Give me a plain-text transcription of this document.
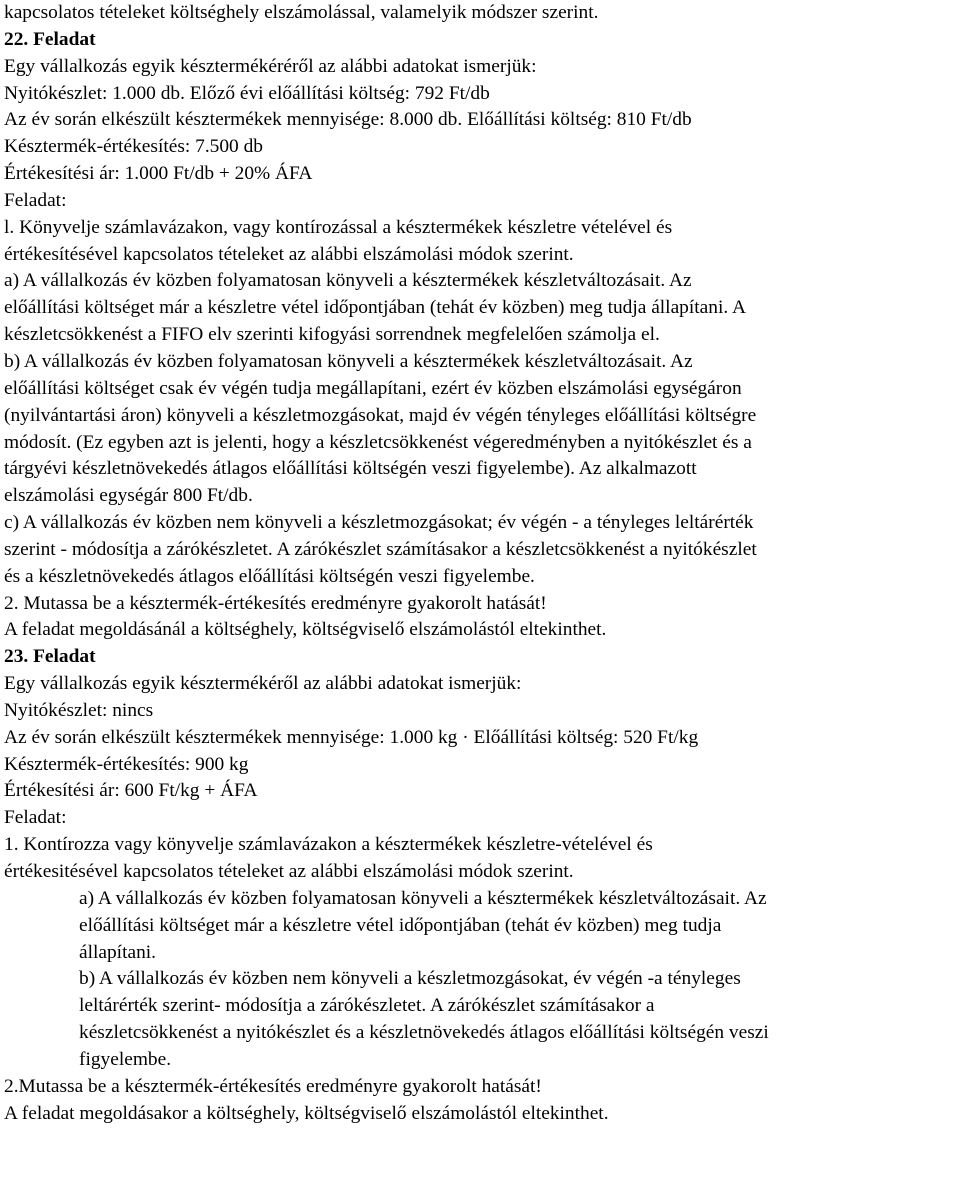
kapcsolatos tételeket költséghely elszámolással, valamelyik módszer szerint.
22. Feladat
Egy vállalkozás egyik késztermékéréről az alábbi adatokat ismerjük:
Nyitókészlet: 1.000 db. Előző évi előállítási költség: 792 Ft/db
Az év során elkészült késztermékek mennyisége: 8.000 db. Előállítási költség: 810 Ft/db
Késztermék-értékesítés: 7.500 db
Értékesítési ár: 1.000 Ft/db + 20% ÁFA
Feladat:
l. Könyvelje számlavázakon, vagy kontírozással a késztermékek készletre vételével és
értékesítésével kapcsolatos tételeket az alábbi elszámolási módok szerint.
a) A vállalkozás év közben folyamatosan könyveli a késztermékek készletváltozásait. Az
előállítási költséget már a készletre vétel időpontjában (tehát év közben) meg tudja állapítani. A
készletcsökkenést a FIFO elv szerinti kifogyási sorrendnek megfelelően számolja el.
b) A vállalkozás év közben folyamatosan könyveli a késztermékek készletváltozásait. Az
előállítási költséget csak év végén tudja megállapítani, ezért év közben elszámolási egységáron
(nyilvántartási áron) könyveli a készletmozgásokat, majd év végén tényleges előállítási költségre
módosít. (Ez egyben azt is jelenti, hogy a készletcsökkenést végeredményben a nyitókészlet és a
tárgyévi készletnövekedés átlagos előállítási költségén veszi figyelembe). Az alkalmazott
elszámolási egységár 800 Ft/db.
c) A vállalkozás év közben nem könyveli a készletmozgásokat; év végén - a tényleges leltárérték
szerint - módosítja a zárókészletet. A zárókészlet számításakor a készletcsökkenést a nyitókészlet
és a készletnövekedés átlagos előállítási költségén veszi figyelembe.
2. Mutassa be a késztermék-értékesítés eredményre gyakorolt hatását!
A feladat megoldásánál a költséghely, költségviselő elszámolástól eltekinthet.
23. Feladat
Egy vállalkozás egyik késztermékéről az alábbi adatokat ismerjük:
Nyitókészlet: nincs
Az év során elkészült késztermékek mennyisége: 1.000 kg · Előállítási költség: 520 Ft/kg
Késztermék-értékesítés: 900 kg
Értékesítési ár: 600 Ft/kg + ÁFA
Feladat:
1. Kontírozza vagy könyvelje számlavázakon a késztermékek készletre-vételével és
értékesitésével kapcsolatos tételeket az alábbi elszámolási módok szerint.
a) A vállalkozás év közben folyamatosan könyveli a késztermékek készletváltozásait. Az
előállítási költséget már a készletre vétel időpontjában (tehát év közben) meg tudja
állapítani.
b) A vállalkozás év közben nem könyveli a készletmozgásokat, év végén -a tényleges
leltárérték szerint- módosítja a zárókészletet. A zárókészlet számításakor a
készletcsökkenést a nyitókészlet és a készletnövekedés átlagos előállítási költségén veszi
figyelembe.
2.Mutassa be a késztermék-értékesítés eredményre gyakorolt hatását!
A feladat megoldásakor a költséghely, költségviselő elszámolástól eltekinthet.
